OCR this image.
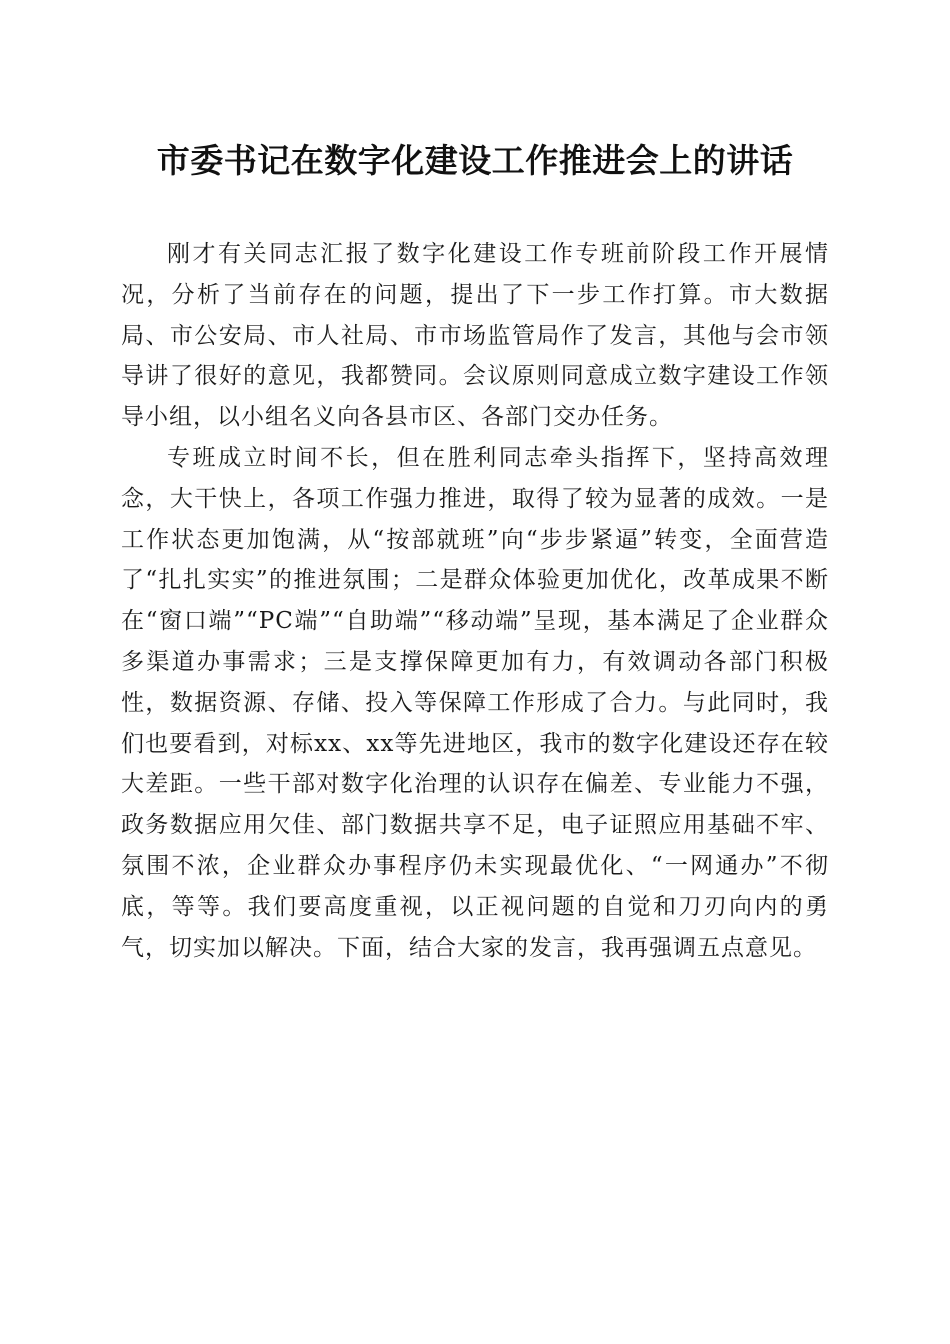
市委书记在数字化建设工作推进会上的讲话

刚才有关同志汇报了数字化建设工作专班前阶段工作开展情况，分析了当前存在的问题，提出了下一步工作打算。市大数据局、市公安局、市人社局、市市场监管局作了发言，其他与会市领导讲了很好的意见，我都赞同。会议原则同意成立数字建设工作领导小组，以小组名义向各县市区、各部门交办任务。

专班成立时间不长，但在胜利同志牵头指挥下，坚持高效理念，大干快上，各项工作强力推进，取得了较为显著的成效。一是工作状态更加饱满，从“按部就班”向“步步紧逼”转变，全面营造了“扎扎实实”的推进氛围；二是群众体验更加优化，改革成果不断在“窗口端”“PC端”“自助端”“移动端”呈现，基本满足了企业群众多渠道办事需求；三是支撑保障更加有力，有效调动各部门积极性，数据资源、存储、投入等保障工作形成了合力。与此同时，我们也要看到，对标xx、xx等先进地区，我市的数字化建设还存在较大差距。一些干部对数字化治理的认识存在偏差、专业能力不强，政务数据应用欠佳、部门数据共享不足，电子证照应用基础不牢、氛围不浓，企业群众办事程序仍未实现最优化、“一网通办”不彻底，等等。我们要高度重视，以正视问题的自觉和刀刃向内的勇气，切实加以解决。下面，结合大家的发言，我再强调五点意见。
